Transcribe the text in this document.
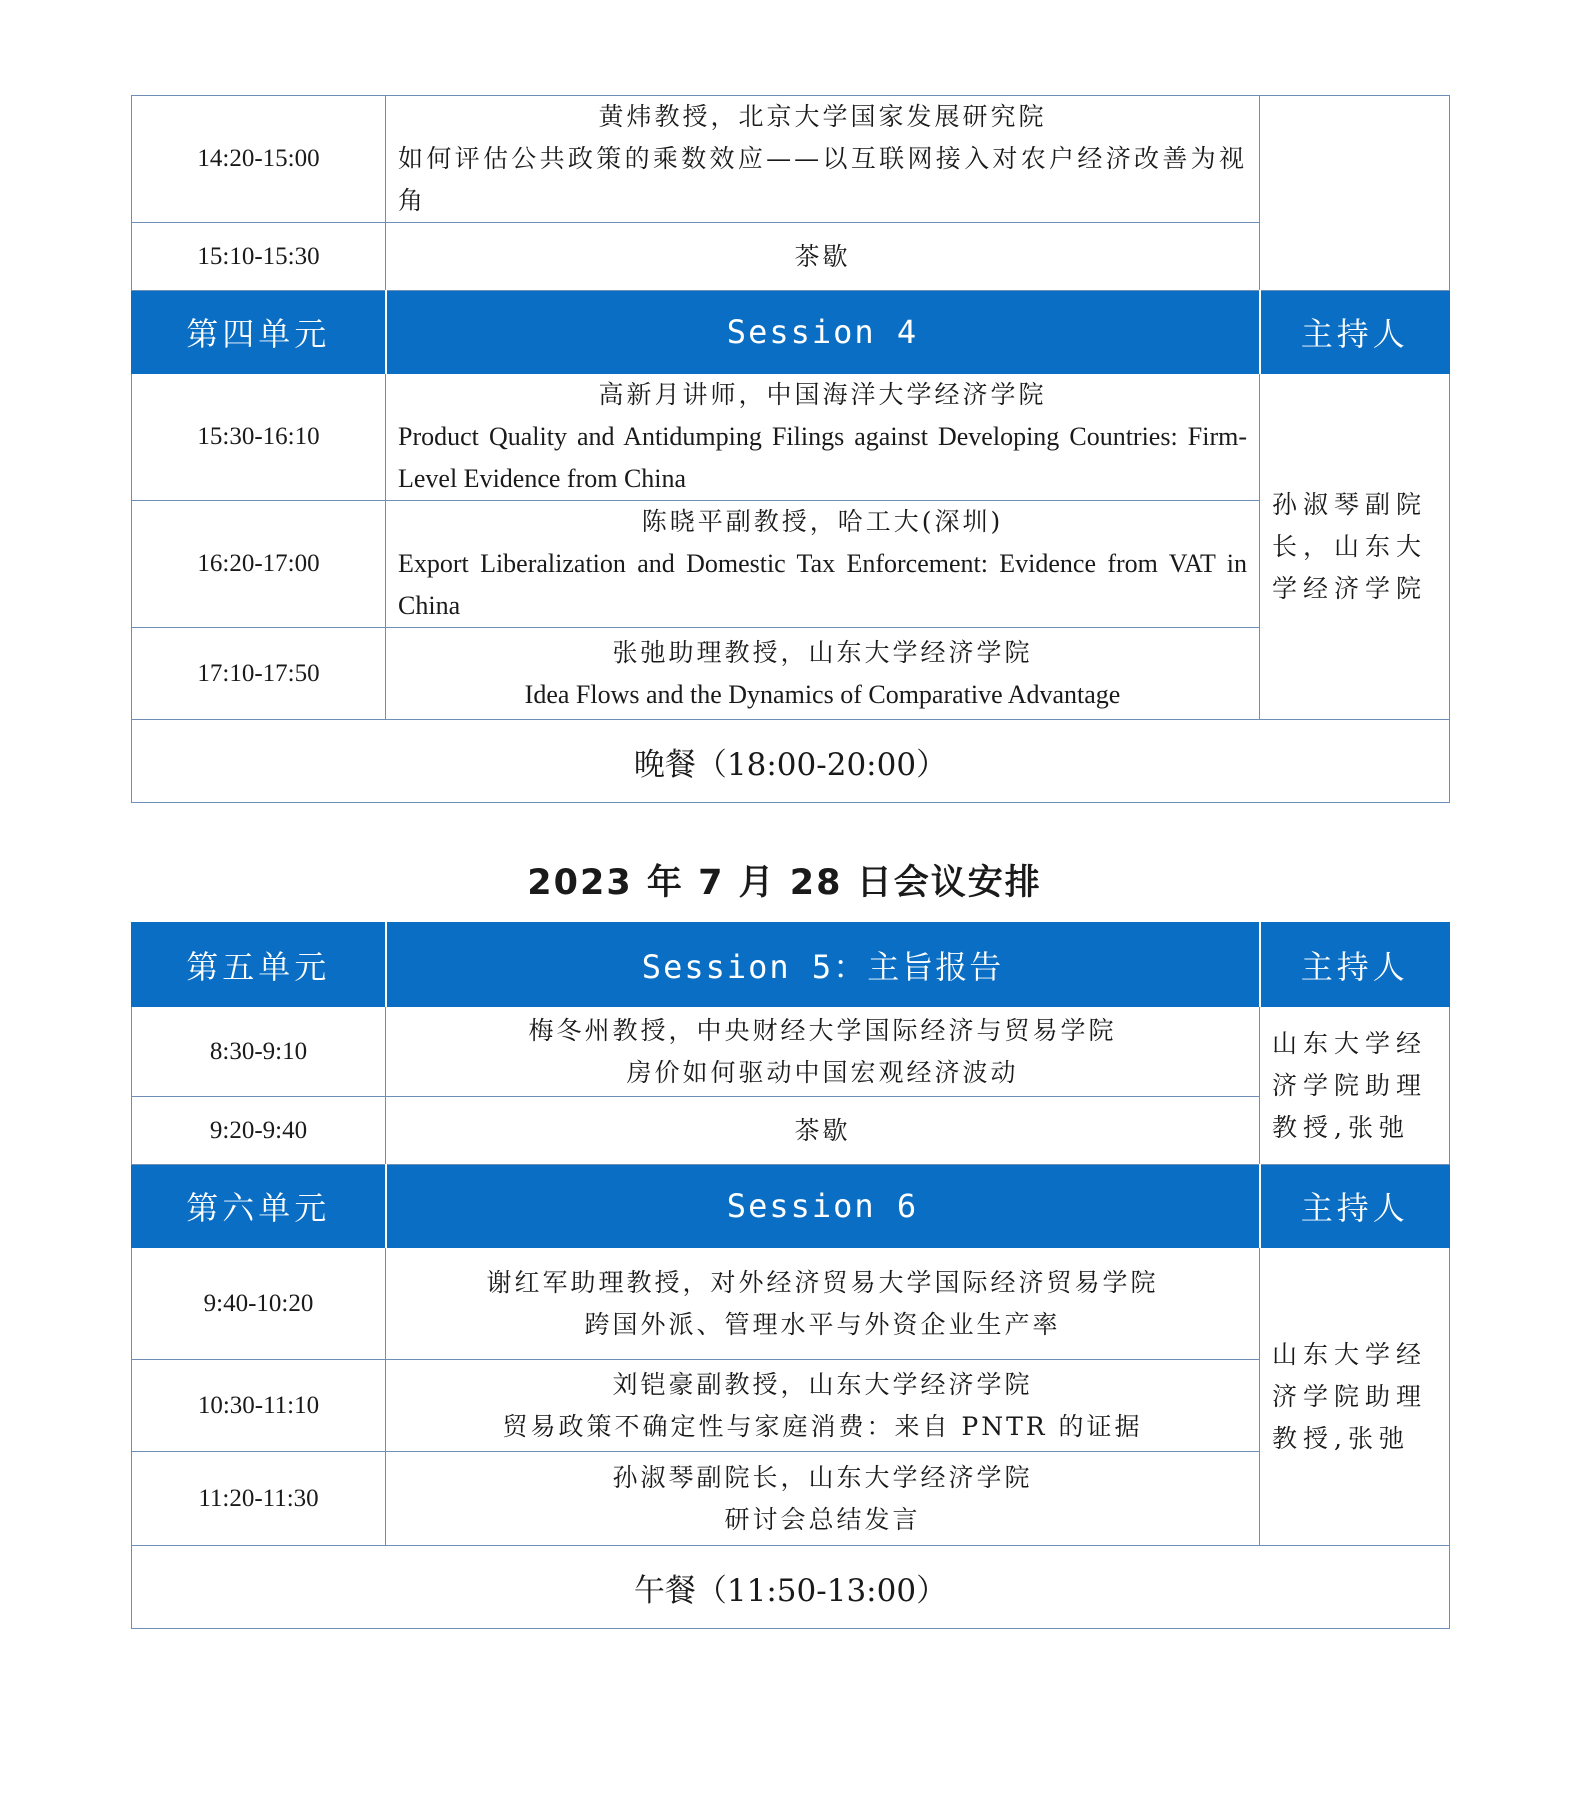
14:20-15:00	黄炜教授，北京大学国家发展研究院
如何评估公共政策的乘数效应——以互联网接入对农户经济改善为视角	

15:10-15:30	茶歇	

第四单元	Session 4	主持人
15:30-16:10	高新月讲师，中国海洋大学经济学院
Product Quality and Antidumping Filings against Developing Countries: Firm-Level Evidence from China	孙淑琴副院长，山东大学经济学院
16:20-17:00	陈晓平副教授，哈工大(深圳)
Export Liberalization and Domestic Tax Enforcement: Evidence from VAT in China	

17:10-17:50	张弛助理教授，山东大学经济学院
Idea Flows and the Dynamics of Comparative Advantage	

晚餐（18:00-20:00）		
2023 年 7 月 28 日会议安排
第五单元	Session 5：主旨报告	主持人
8:30-9:10	梅冬州教授，中央财经大学国际经济与贸易学院
房价如何驱动中国宏观经济波动	山东大学经济学院助理教授,张弛
9:20-9:40	茶歇	

第六单元	Session 6	主持人
9:40-10:20	谢红军助理教授，对外经济贸易大学国际经济贸易学院
跨国外派、管理水平与外资企业生产率	山东大学经济学院助理教授,张弛
10:30-11:10	刘铠豪副教授，山东大学经济学院
贸易政策不确定性与家庭消费：来自 PNTR 的证据	

11:20-11:30	孙淑琴副院长，山东大学经济学院
研讨会总结发言	

午餐（11:50-13:00）		
